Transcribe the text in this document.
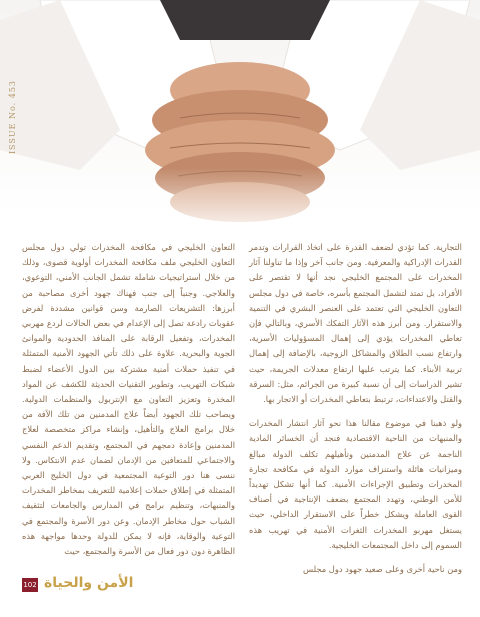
ISSUE No. 453

التجارية. كما تؤدي لضعف القدرة على اتخاذ القرارات وتدمر القدرات الإدراكية والمعرفية. ومن جانب آخر وإذا ما تناولنا آثار المخدرات على المجتمع الخليجي نجد أنها لا تقتصر على الأفراد، بل تمتد لتشمل المجتمع بأسره، خاصة في دول مجلس التعاون الخليجي التي تعتمد على العنصر البشري في التنمية والاستقرار. ومن أبرز هذه الآثار التفكك الأسري، وبالتالي فإن تعاطي المخدرات يؤدي إلى إهمال المسؤوليات الأسرية، وارتفاع نسب الطلاق والمشاكل الزوجية، بالإضافة إلى إهمال تربية الأبناء. كما يترتب عليها ارتفاع معدلات الجريمة، حيث تشير الدراسات إلى أن نسبة كبيرة من الجرائم، مثل: السرقة والقتل والاعتداءات، ترتبط بتعاطي المخدرات أو الاتجار بها.

ولو ذهبنا في موضوع مقالنا هذا نحو آثار انتشار المخدرات والمنبهات من الناحية الاقتصادية فنجد أن الخسائر المادية الناجمة عن علاج المدمنين وتأهيلهم تكلف الدولة مبالغ وميزانيات هائلة واستنزاف موارد الدولة في مكافحة تجارة المخدرات وتطبيق الإجراءات الأمنية. كما أنها تشكل تهديداً للأمن الوطني، وتهدد المجتمع بضعف الإنتاجية في أصناف القوى العاملة ويشكل خطراً على الاستقرار الداخلي، حيث يستغل مهربو المخدرات الثغرات الأمنية في تهريب هذه السموم إلى داخل المجتمعات الخليجية.

ومن ناحية أخرى وعلى صعيد جهود دول مجلس

التعاون الخليجي في مكافحة المخدرات تولي دول مجلس التعاون الخليجي ملف مكافحة المخدرات أولوية قصوى، وذلك من خلال استراتيجيات شاملة تشمل الجانب الأمني، التوعوي، والعلاجي. وجنباً إلى جنب فهناك جهود أخرى مصاحبة من أبرزها: التشريعات الصارمة وسن قوانين مشددة لفرض عقوبات رادعة تصل إلى الإعدام في بعض الحالات لردع مهربي المخدرات، وتفعيل الرقابة على المنافذ الحدودية والموانئ الجوية والبحرية. علاوة على ذلك تأتي الجهود الأمنية المتمثلة في تنفيذ حملات أمنية مشتركة بين الدول الأعضاء لضبط شبكات التهريب، وتطوير التقنيات الحديثة للكشف عن المواد المخدرة وتعزيز التعاون مع الإنتربول والمنظمات الدولية. ويصاحب تلك الجهود أيضاً علاج المدمنين من تلك الآفة من خلال برامج العلاج والتأهيل، وإنشاء مراكز متخصصة لعلاج المدمنين وإعادة دمجهم في المجتمع، وتقديم الدعم النفسي والاجتماعي للمتعافين من الإدمان لضمان عدم الانتكاس. ولا ننسى هنا دور التوعية المجتمعية في دول الخليج العربي المتمثلة في إطلاق حملات إعلامية للتعريف بمخاطر المخدرات والمنبهات، وتنظيم برامج في المدارس والجامعات لتثقيف الشباب حول مخاطر الإدمان. وعن دور الأسرة والمجتمع في التوعية والوقاية، فإنه لا يمكن للدولة وحدها مواجهة هذه الظاهرة دون دور فعال من الأسرة والمجتمع، حيث

102 الأمن والحياة
